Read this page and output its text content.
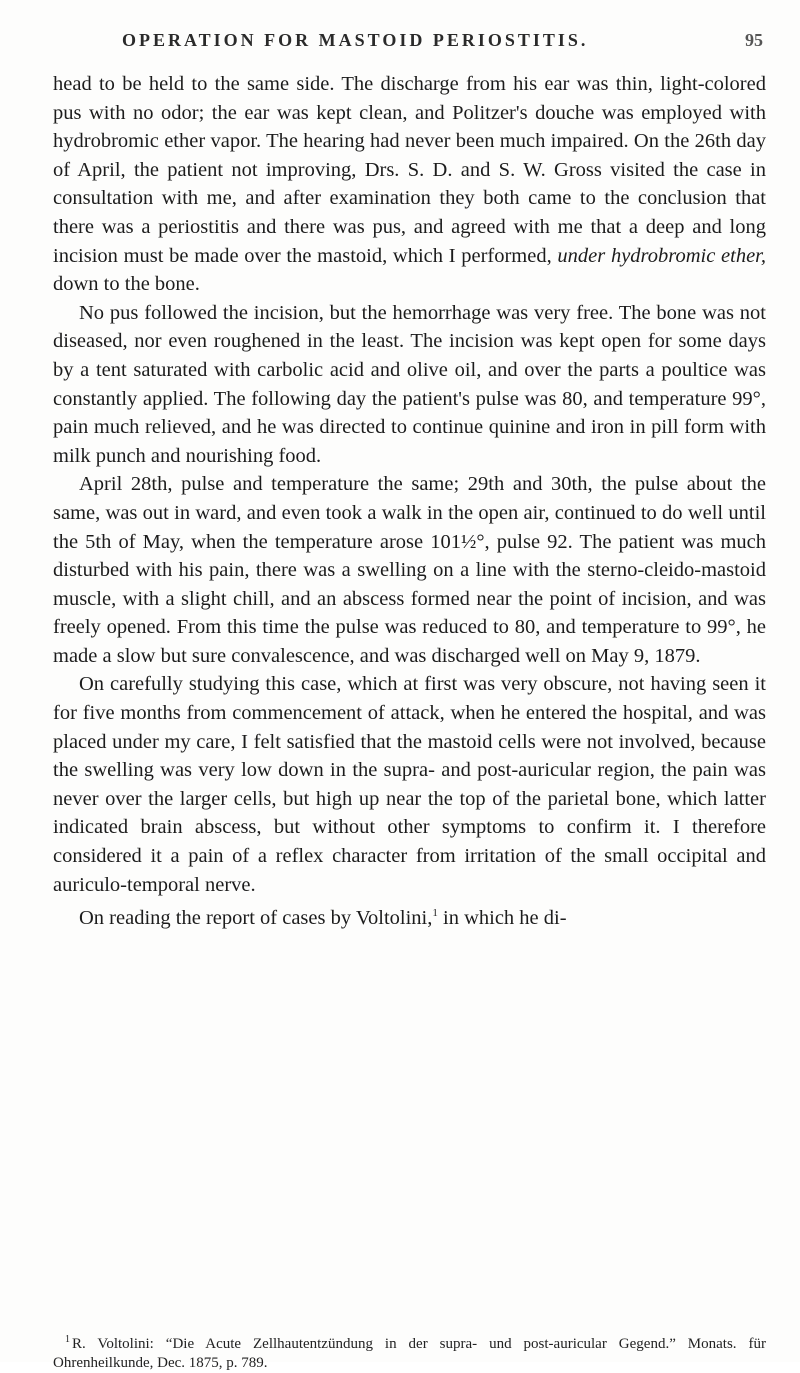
OPERATION FOR MASTOID PERIOSTITIS.	95

head to be held to the same side. The discharge from his ear was thin, light-colored pus with no odor; the ear was kept clean, and Politzer's douche was employed with hydrobromic ether vapor. The hearing had never been much impaired. On the 26th day of April, the patient not improving, Drs. S. D. and S. W. Gross visited the case in consultation with me, and after examination they both came to the conclusion that there was a periostitis and there was pus, and agreed with me that a deep and long incision must be made over the mastoid, which I performed, under hydrobromic ether, down to the bone.

No pus followed the incision, but the hemorrhage was very free. The bone was not diseased, nor even roughened in the least. The incision was kept open for some days by a tent saturated with carbolic acid and olive oil, and over the parts a poultice was constantly applied. The following day the patient's pulse was 80, and temperature 99°, pain much relieved, and he was directed to continue quinine and iron in pill form with milk punch and nourishing food.

April 28th, pulse and temperature the same; 29th and 30th, the pulse about the same, was out in ward, and even took a walk in the open air, continued to do well until the 5th of May, when the temperature arose 101½°, pulse 92. The patient was much disturbed with his pain, there was a swelling on a line with the sterno-cleido-mastoid muscle, with a slight chill, and an abscess formed near the point of incision, and was freely opened. From this time the pulse was reduced to 80, and temperature to 99°, he made a slow but sure convalescence, and was discharged well on May 9, 1879.

On carefully studying this case, which at first was very obscure, not having seen it for five months from commencement of attack, when he entered the hospital, and was placed under my care, I felt satisfied that the mastoid cells were not involved, because the swelling was very low down in the supra- and post-auricular region, the pain was never over the larger cells, but high up near the top of the parietal bone, which latter indicated brain abscess, but without other symptoms to confirm it. I therefore considered it a pain of a reflex character from irritation of the small occipital and auriculo-temporal nerve.

On reading the report of cases by Voltolini,$^1$ in which he di-

$^1$ R. Voltolini: “Die Acute Zellhautentzündung in der supra- und post-auricular Gegend.” Monats. für Ohrenheilkunde, Dec. 1875, p. 789.
